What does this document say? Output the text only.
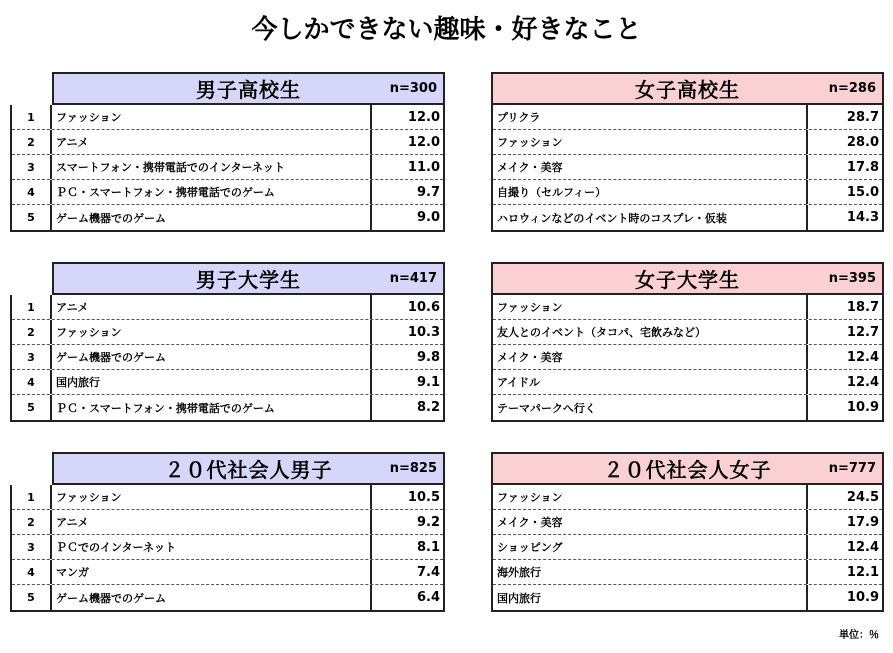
今しかできない趣味・好きなこと
男子高校生	n=300
1	ファッション	12.0
2	アニメ	12.0
3	スマートフォン・携帯電話でのインターネット	11.0
4	ＰＣ・スマートフォン・携帯電話でのゲーム	9.7
5	ゲーム機器でのゲーム	9.0
女子高校生	n=286
プリクラ	28.7
ファッション	28.0
メイク・美容	17.8
自撮り（セルフィー）	15.0
ハロウィンなどのイベント時のコスプレ・仮装	14.3
男子大学生	n=417
1	アニメ	10.6
2	ファッション	10.3
3	ゲーム機器でのゲーム	9.8
4	国内旅行	9.1
5	ＰＣ・スマートフォン・携帯電話でのゲーム	8.2
女子大学生	n=395
ファッション	18.7
友人とのイベント（タコパ、宅飲みなど）	12.7
メイク・美容	12.4
アイドル	12.4
テーマパークへ行く	10.9
２０代社会人男子	n=825
1	ファッション	10.5
2	アニメ	9.2
3	ＰＣでのインターネット	8.1
4	マンガ	7.4
5	ゲーム機器でのゲーム	6.4
２０代社会人女子	n=777
ファッション	24.5
メイク・美容	17.9
ショッピング	12.4
海外旅行	12.1
国内旅行	10.9
単位：％
